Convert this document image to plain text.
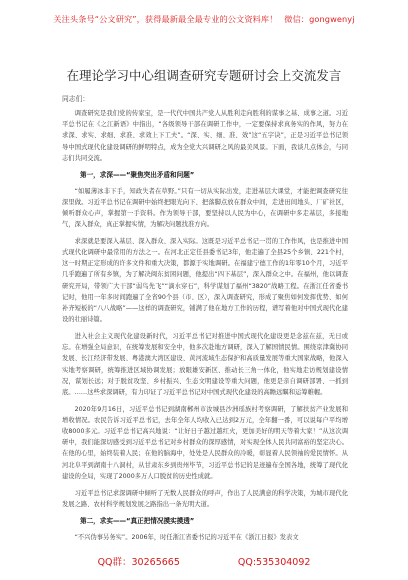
关注头条号“公文研究”，获得最新最全最专业的公文资料库！ 微信：gongwenyj
在理论学习中心组调查研究专题研讨会上交流发言
同志们：

调查研究是我们党的传家宝，是一代代中国共产党人从胜利走向胜利的谋事之基、成事之道。习近平总书记在《之江新语》中指出，“各级领导干部在调研工作中，一定要保持求真务实的作风，努力在求深、求实、求细、求准、求效上下工夫”。“深、实、细、准、效”这“五字诀”，正是习近平总书记领导中国式现代化建设调研的鲜明特点，成为全党大兴调研之风的最美风景。下面，我谈几点体会，与同志们共同交流。

第一，求深——“聚焦突出矛盾和问题”

“如履薄冰非下手，知政失者在草野。”只有一切从实际出发，走进基层大课堂，才能把调查研究往深里做。习近平总书记在调研中始终把眼光向下、把落脚点放在群众中间，走进田间地头、厂矿社区，倾听群众心声，掌握第一手资料。作为领导干部，要坚持以人民为中心，在调研中多走基层，多接地气，深入群众，真正掌握实情，为解决问题找准方向。

求深就是要深入基层、深入群众、深入实际。这既是习近平总书记一贯的工作作风，也是推进中国式现代化调研中最常用的方法之一。在河北正定任县委书记3年，他走遍了全县25个乡镇、221个村，这一时期正定形成的许多文件和重大决策，都源于实地调研。在福建宁德工作的1年零10个月，习近平几乎跑遍了所有乡镇，为了解决闽东贫困问题，他提出“四下基层”，深入群众之中。在福州，他以调查研究开局，带领广大干部“弱鸟先飞”“滴水穿石”，科学谋划了福州“3820”战略工程。在浙江任省委书记时，他用一年多时间跑遍了全省90个县（市、区），深入调查研究，形成了聚焦如何发挥优势、如何补齐短板的“八八战略”——这样的调查研究，铺满了他在地方工作的历程，谱写着他对中国式现代化建设的壮丽诗篇。

进入社会主义现代化建设新时代，习近平总书记对推进中国式现代化建设更是念兹在兹，无日或忘。在增强全局意识，在统筹发展和安全中，他多次赴地方调研，深入了解国情民情。围绕京津冀协同发展、长江经济带发展、粤港澳大湾区建设、黄河流域生态保护和高质量发展等重大国家战略，他深入实地考察调研，统筹推进区域协调发展；放眼雄安新区、推动长三角一体化，他实地走访规划建设情况，谋划长远；对于脱贫攻坚、乡村振兴、生态文明建设等重大问题，他更是亲自调研部署、一抓到底。……这些求深调研，有力印证了习近平总书记对中国式现代化建设的高瞻远瞩和运筹帷幄。

2020年9月16日，习近平总书记到湖南郴州市汝城县沙洲瑶族村考察调研，了解扶贫产业发展和增收情况。农民告诉习近平总书记，去年全年人均收入已达到2万元，全年翻一番，可以说每户平均增收8000多元。习近平总书记高兴地说：“让好日子越过越红火，更加美好的明天等着大家！”从这次调研中，我们能深切感受到习近平总书记对乡村群众的深厚感情，对实现全体人民共同富裕的坚定决心。在他的心里，始终装着人民；在他的脑海中，处处是人民群众的冷暖，彰显着人民领袖的爱民情怀。从河北阜平到湖南十八洞村，从甘肃东乡到贵州毕节，习近平总书记的足迹遍布全国各地，统筹了现代化建设的全局，实现了2000多万人口脱贫的历史性成就。

习近平总书记求深调研中倾听了无数人民群众的呼声，作出了人民满意的科学决策，为城市现代化发展之路、农村科学规划发展之路指出一条光明大道。

第二，求实——“真正把情况摸实摸透”

“不兴伪事另务实”。2006年，时任浙江省委书记的习近平在《浙江日报》发表文

QQ群：30265665	QQ:535304092
